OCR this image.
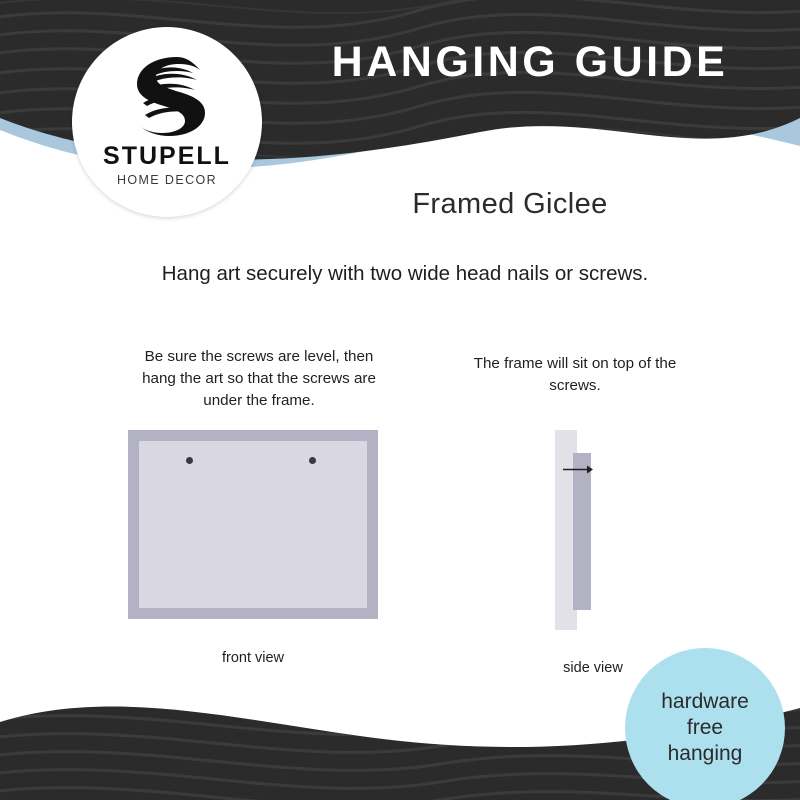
HANGING GUIDE
STUPELL
HOME DECOR
Framed Giclee
Hang art securely with two wide head nails or screws.
Be sure the screws are level, then hang the art so that the screws are under the frame.
The frame will sit on top of the screws.
front view
side view
hardware
free
hanging
